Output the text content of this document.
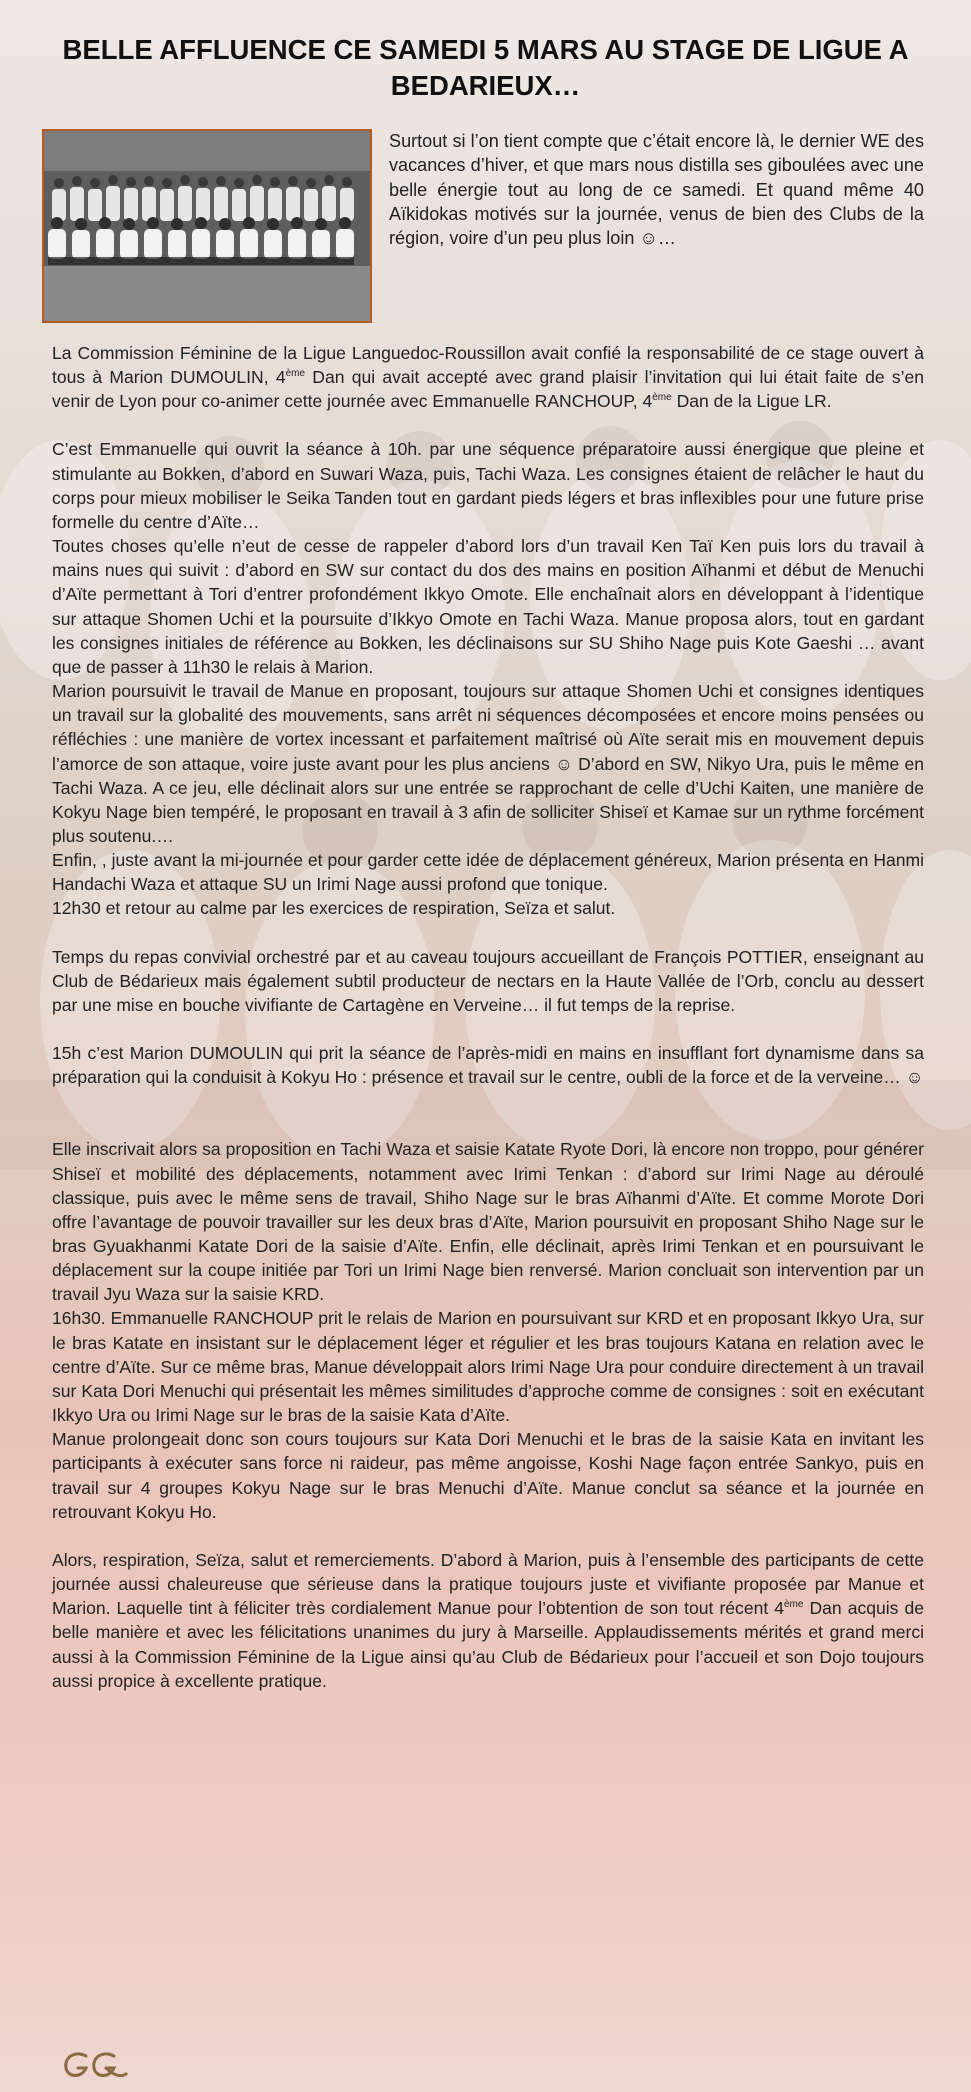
BELLE AFFLUENCE CE SAMEDI 5 MARS AU STAGE DE LIGUE A BEDARIEUX…

Surtout si l’on tient compte que c’était encore là, le dernier WE des vacances d’hiver, et que mars nous distilla ses giboulées avec une belle énergie tout au long de ce samedi. Et quand même 40 Aïkidokas motivés sur la journée, venus de bien des Clubs de la région, voire d’un peu plus loin ☺…

La Commission Féminine de la Ligue Languedoc-Roussillon avait confié la responsabilité de ce stage ouvert à tous à Marion DUMOULIN, 4ème Dan qui avait accepté avec grand plaisir l’invitation qui lui était faite de s’en venir de Lyon pour co-animer cette journée avec Emmanuelle RANCHOUP, 4ème Dan de la Ligue LR.

C’est Emmanuelle qui ouvrit la séance à 10h. par une séquence préparatoire aussi énergique que pleine et stimulante au Bokken, d’abord en Suwari Waza, puis, Tachi Waza. Les consignes étaient de relâcher le haut du corps pour mieux mobiliser le Seika Tanden tout en gardant pieds légers et bras inflexibles pour une future prise formelle du centre d’Aïte…

Toutes choses qu’elle n’eut de cesse de rappeler d’abord lors d’un travail Ken Taï Ken puis lors du travail à mains nues qui suivit : d’abord en SW sur contact du dos des mains en position Aïhanmi et début de Menuchi d’Aïte permettant à Tori d’entrer profondément Ikkyo Omote. Elle enchaînait alors en développant à l’identique sur attaque Shomen Uchi et la poursuite d’Ikkyo Omote en Tachi Waza. Manue proposa alors, tout en gardant les consignes initiales de référence au Bokken, les déclinaisons sur SU Shiho Nage puis Kote Gaeshi … avant que de passer à 11h30 le relais à Marion.

Marion poursuivit le travail de Manue en proposant, toujours sur attaque Shomen Uchi et consignes identiques un travail sur la globalité des mouvements, sans arrêt ni séquences décomposées et encore moins pensées ou réfléchies : une manière de vortex incessant et parfaitement maîtrisé où Aïte serait mis en mouvement depuis l’amorce de son attaque, voire juste avant pour les plus anciens ☺ D’abord en SW, Nikyo Ura, puis le même en Tachi Waza. A ce jeu, elle déclinait alors sur une entrée se rapprochant de celle d’Uchi Kaiten, une manière de Kokyu Nage bien tempéré, le proposant en travail à 3 afin de solliciter Shiseï et Kamae sur un rythme forcément plus soutenu.…

Enfin, , juste avant la mi-journée et pour garder cette idée de déplacement généreux, Marion présenta en Hanmi Handachi Waza et attaque SU un Irimi Nage aussi profond que tonique.

12h30 et retour au calme par les exercices de respiration, Seïza et salut.

Temps du repas convivial orchestré par et au caveau toujours accueillant de François POTTIER, enseignant au Club de Bédarieux mais également subtil producteur de nectars en la Haute Vallée de l’Orb, conclu au dessert par une mise en bouche vivifiante de Cartagène en Verveine… il fut temps de la reprise.

15h c’est Marion DUMOULIN qui prit la séance de l’après-midi en mains en insufflant fort dynamisme dans sa préparation qui la conduisit à Kokyu Ho : présence et travail sur le centre, oubli de la force et de la verveine… ☺

Elle inscrivait alors sa proposition en Tachi Waza et saisie Katate Ryote Dori, là encore non troppo, pour générer Shiseï et mobilité des déplacements, notamment avec Irimi Tenkan : d’abord sur Irimi Nage au déroulé classique, puis avec le même sens de travail, Shiho Nage sur le bras Aïhanmi d’Aïte. Et comme Morote Dori offre l’avantage de pouvoir travailler sur les deux bras d’Aïte, Marion poursuivit en proposant Shiho Nage sur le bras Gyuakhanmi Katate Dori de la saisie d’Aïte. Enfin, elle déclinait, après Irimi Tenkan et en poursuivant le déplacement sur la coupe initiée par Tori un Irimi Nage bien renversé. Marion concluait son intervention par un travail Jyu Waza sur la saisie KRD.

16h30. Emmanuelle RANCHOUP prit le relais de Marion en poursuivant sur KRD et en proposant Ikkyo Ura, sur le bras Katate en insistant sur le déplacement léger et régulier et les bras toujours Katana en relation avec le centre d’Aïte. Sur ce même bras, Manue développait alors Irimi Nage Ura pour conduire directement à un travail sur Kata Dori Menuchi qui présentait les mêmes similitudes d’approche comme de consignes : soit en exécutant Ikkyo Ura ou Irimi Nage sur le bras de la saisie Kata d’Aïte.

Manue prolongeait donc son cours toujours sur Kata Dori Menuchi et le bras de la saisie Kata en invitant les participants à exécuter sans force ni raideur, pas même angoisse, Koshi Nage façon entrée Sankyo, puis en travail sur 4 groupes Kokyu Nage sur le bras Menuchi d’Aïte. Manue conclut sa séance et la journée en retrouvant Kokyu Ho.

Alors, respiration, Seïza, salut et remerciements. D’abord à Marion, puis à l’ensemble des participants de cette journée aussi chaleureuse que sérieuse dans la pratique toujours juste et vivifiante proposée par Manue et Marion. Laquelle tint à féliciter très cordialement Manue pour l’obtention de son tout récent 4ème Dan acquis de belle manière et avec les félicitations unanimes du jury à Marseille. Applaudissements mérités et grand merci aussi à la Commission Féminine de la Ligue ainsi qu’au Club de Bédarieux pour l’accueil et son Dojo toujours aussi propice à excellente pratique.
